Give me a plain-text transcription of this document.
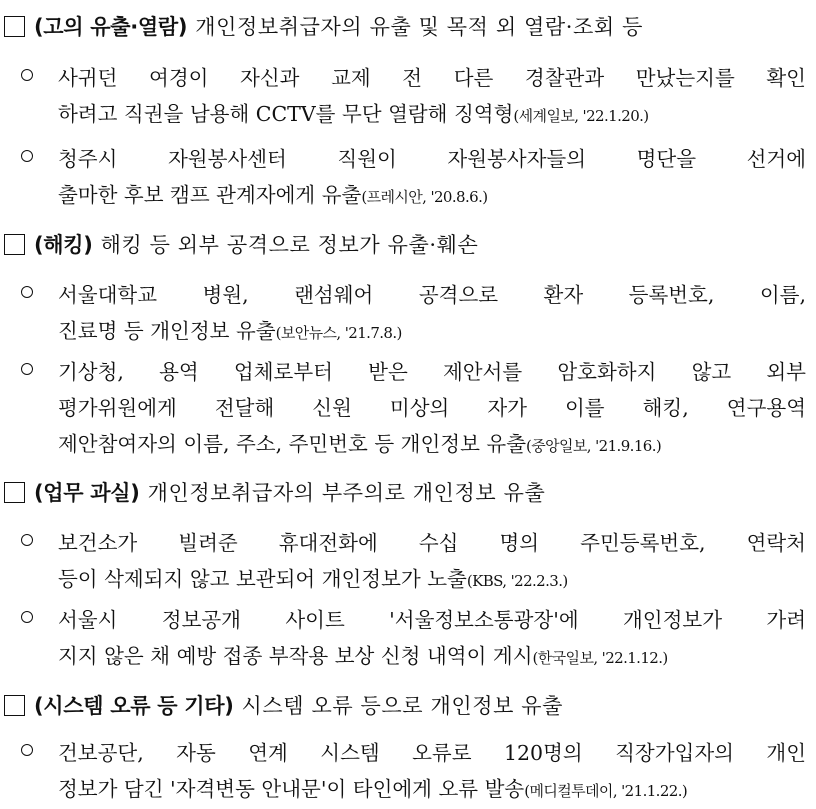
(고의 유출·열람) 개인정보취급자의 유출 및 목적 외 열람·조회 등
사귀던 여경이 자신과 교제 전 다른 경찰관과 만났는지를 확인
하려고 직권을 남용해 CCTV를 무단 열람해 징역형(세계일보, '22.1.20.)
청주시 자원봉사센터 직원이 자원봉사자들의 명단을 선거에
출마한 후보 캠프 관계자에게 유출(프레시안, '20.8.6.)
(해킹) 해킹 등 외부 공격으로 정보가 유출·훼손
서울대학교 병원, 랜섬웨어 공격으로 환자 등록번호, 이름,
진료명 등 개인정보 유출(보안뉴스, '21.7.8.)
기상청, 용역 업체로부터 받은 제안서를 암호화하지 않고 외부
평가위원에게 전달해 신원 미상의 자가 이를 해킹, 연구용역
제안참여자의 이름, 주소, 주민번호 등 개인정보 유출(중앙일보, '21.9.16.)
(업무 과실) 개인정보취급자의 부주의로 개인정보 유출
보건소가 빌려준 휴대전화에 수십 명의 주민등록번호, 연락처
등이 삭제되지 않고 보관되어 개인정보가 노출(KBS, '22.2.3.)
서울시 정보공개 사이트 '서울정보소통광장'에 개인정보가 가려
지지 않은 채 예방 접종 부작용 보상 신청 내역이 게시(한국일보, '22.1.12.)
(시스템 오류 등 기타) 시스템 오류 등으로 개인정보 유출
건보공단, 자동 연계 시스템 오류로 120명의 직장가입자의 개인
정보가 담긴 '자격변동 안내문'이 타인에게 오류 발송(메디컬투데이, '21.1.22.)
